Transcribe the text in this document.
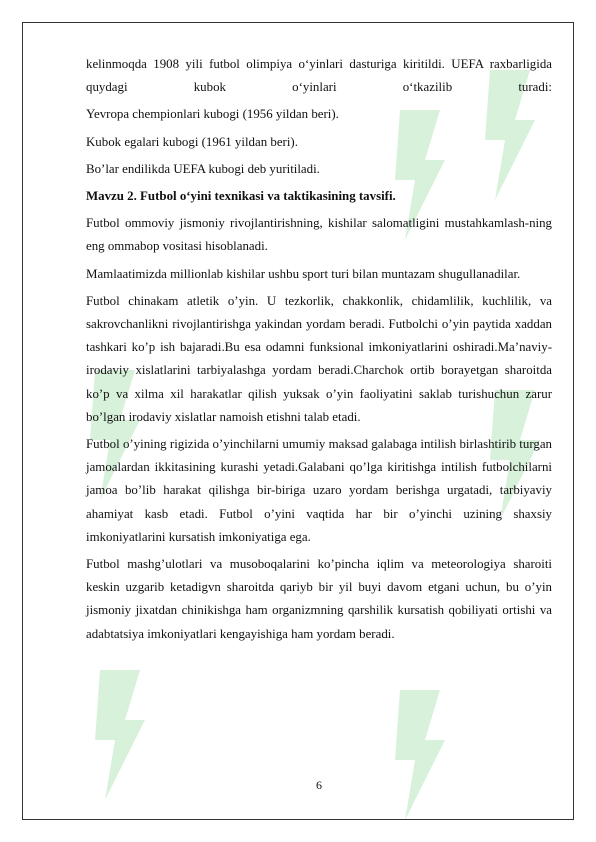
kelinmoqda 1908 yili futbol olimpiya o‘yinlari dasturiga kiritildi. UEFA raxbarligida quydagi kubok o‘yinlari o‘tkazilib turadi:

Yevropa chempionlari kubogi (1956 yildan beri).

Kubok egalari kubogi (1961 yildan beri).

Bo’lar endilikda UEFA kubogi deb yuritiladi.

Mavzu 2. Futbol o‘yini texnikasi va taktikasining tavsifi.

Futbol ommoviy jismoniy rivojlantirishning, kishilar salomatligini mustahkamlash-ning eng ommabop vositasi hisoblanadi.

Mamlaatimizda millionlab kishilar ushbu sport turi bilan muntazam shugullanadilar.

Futbol chinakam atletik o’yin. U tezkorlik, chakkonlik, chidamlilik, kuchlilik, va sakrovchanlikni rivojlantirishga yakindan yordam beradi. Futbolchi o’yin paytida xaddan tashkari ko’p ish bajaradi.Bu esa odamni funksional imkoniyatlarini oshiradi.Ma’naviy-irodaviy xislatlarini tarbiyalashga yordam beradi.Charchok ortib borayetgan sharoitda ko’p va xilma xil harakatlar qilish yuksak o’yin faoliyatini saklab turishuchun zarur bo’lgan irodaviy xislatlar namoish etishni talab etadi.

Futbol o’yining rigizida o’yinchilarni umumiy maksad galabaga intilish birlashtirib turgan jamoalardan ikkitasining kurashi yetadi.Galabani qo’lga kiritishga intilish futbolchilarni jamoa bo’lib harakat qilishga bir-biriga uzaro yordam berishga urgatadi, tarbiyaviy ahamiyat kasb etadi. Futbol o’yini vaqtida har bir o’yinchi uzining shaxsiy imkoniyatlarini kursatish imkoniyatiga ega.

Futbol mashg’ulotlari va musoboqalarini ko’pincha iqlim va meteorologiya sharoiti keskin uzgarib ketadigvn sharoitda qariyb bir yil buyi davom etgani uchun, bu o’yin jismoniy jixatdan chinikishga ham organizmning qarshilik kursatish qobiliyati ortishi va adabtatsiya imkoniyatlari kengayishiga ham yordam beradi.

6
